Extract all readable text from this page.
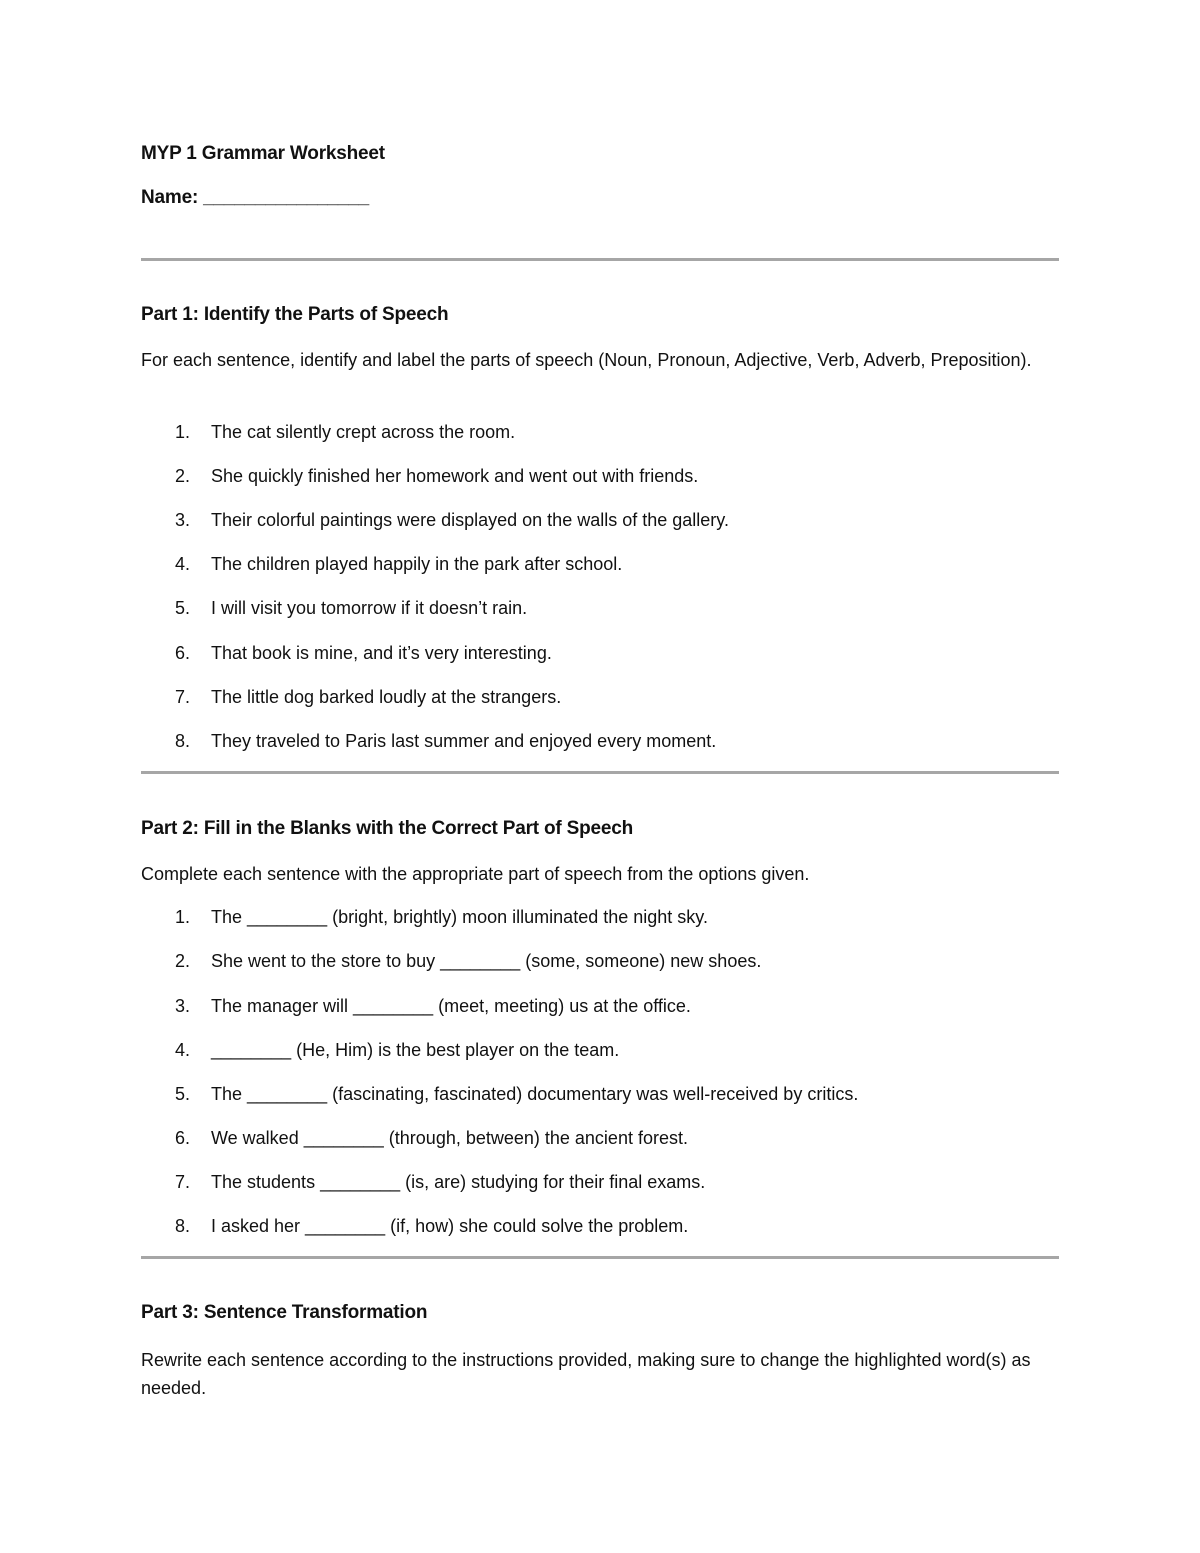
MYP 1 Grammar Worksheet
Name: ________________
Part 1: Identify the Parts of Speech
For each sentence, identify and label the parts of speech (Noun, Pronoun, Adjective, Verb, Adverb, Preposition).
1.	The cat silently crept across the room.
2.	She quickly finished her homework and went out with friends.
3.	Their colorful paintings were displayed on the walls of the gallery.
4.	The children played happily in the park after school.
5.	I will visit you tomorrow if it doesn’t rain.
6.	That book is mine, and it’s very interesting.
7.	The little dog barked loudly at the strangers.
8.	They traveled to Paris last summer and enjoyed every moment.
Part 2: Fill in the Blanks with the Correct Part of Speech
Complete each sentence with the appropriate part of speech from the options given.
1.	The ________ (bright, brightly) moon illuminated the night sky.
2.	She went to the store to buy ________ (some, someone) new shoes.
3.	The manager will ________ (meet, meeting) us at the office.
4.	________ (He, Him) is the best player on the team.
5.	The ________ (fascinating, fascinated) documentary was well-received by critics.
6.	We walked ________ (through, between) the ancient forest.
7.	The students ________ (is, are) studying for their final exams.
8.	I asked her ________ (if, how) she could solve the problem.
Part 3: Sentence Transformation
Rewrite each sentence according to the instructions provided, making sure to change the highlighted word(s) as needed.
